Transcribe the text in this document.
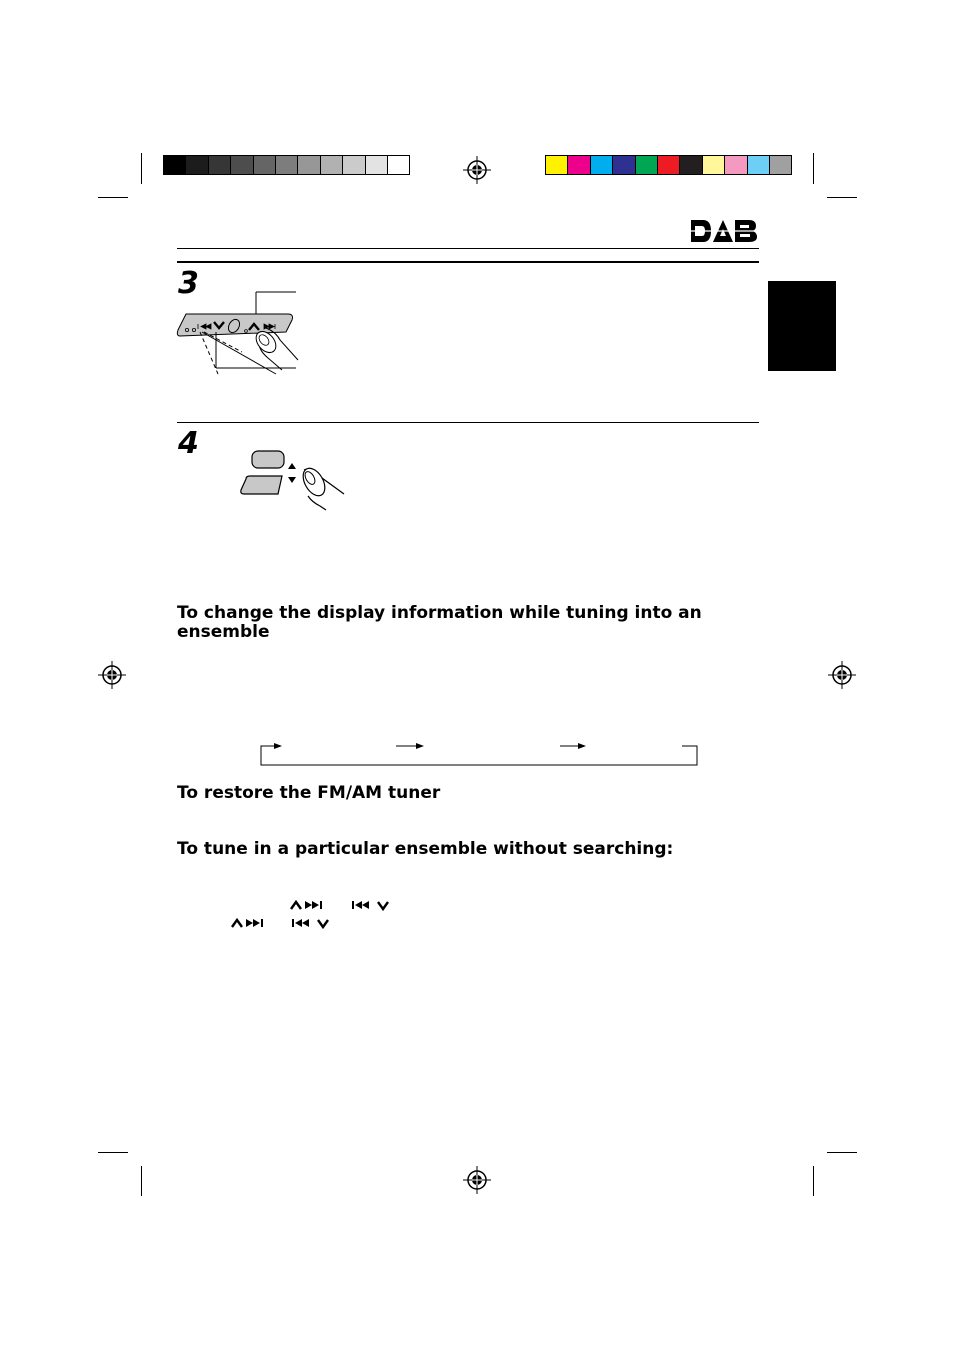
3
4
To change the display information while tuning into an ensemble
To restore the FM/AM tuner
To tune in a particular ensemble without searching:
